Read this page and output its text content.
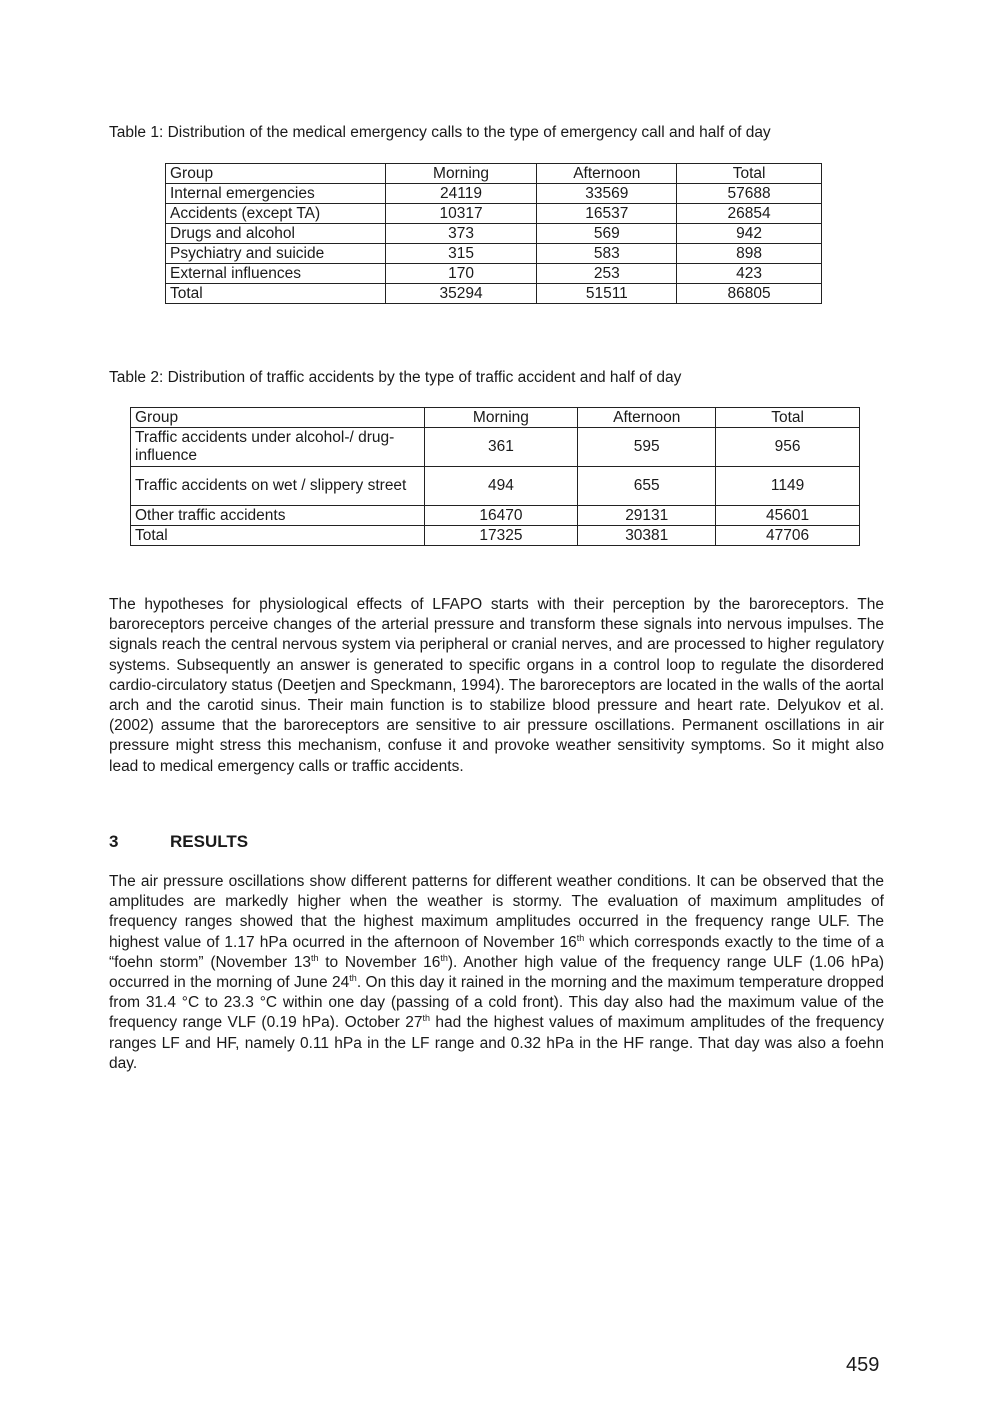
Table 1: Distribution of the medical emergency calls to the type of emergency call and half of day
Group	Morning	Afternoon	Total
Internal emergencies	24119	33569	57688
Accidents (except TA)	10317	16537	26854
Drugs and alcohol	373	569	942
Psychiatry and suicide	315	583	898
External influences	170	253	423
Total	35294	51511	86805
Table 2: Distribution of traffic accidents by the type of traffic accident and half of day
Group	Morning	Afternoon	Total
Traffic accidents under alcohol-/ drug-influence	361	595	956
Traffic accidents on wet / slippery street	494	655	1149
Other traffic accidents	16470	29131	45601
Total	17325	30381	47706

The hypotheses for physiological effects of LFAPO starts with their perception by the baroreceptors. The baroreceptors perceive changes of the arterial pressure and transform these signals into nervous impulses. The signals reach the central nervous system via peripheral or cranial nerves, and are processed to higher regulatory systems. Subsequently an answer is generated to specific organs in a control loop to regulate the disordered cardio-circulatory status (Deetjen and Speckmann, 1994). The baroreceptors are located in the walls of the aortal arch and the carotid sinus. Their main function is to stabilize blood pressure and heart rate. Delyukov et al. (2002) assume that the baroreceptors are sensitive to air pressure oscillations. Permanent oscillations in air pressure might stress this mechanism, confuse it and provoke weather sensitivity symptoms. So it might also lead to medical emergency calls or traffic accidents.

3	RESULTS

The air pressure oscillations show different patterns for different weather conditions. It can be observed that the amplitudes are markedly higher when the weather is stormy. The evaluation of maximum amplitudes of frequency ranges showed that the highest maximum amplitudes occurred in the frequency range ULF. The highest value of 1.17 hPa ocurred in the afternoon of November 16th which corresponds exactly to the time of a “foehn storm” (November 13th to November 16th). Another high value of the frequency range ULF (1.06 hPa) occurred in the morning of June 24th. On this day it rained in the morning and the maximum temperature dropped from 31.4 °C to 23.3 °C within one day (passing of a cold front). This day also had the maximum value of the frequency range VLF (0.19 hPa). October 27th had the highest values of maximum amplitudes of the frequency ranges LF and HF, namely 0.11 hPa in the LF range and 0.32 hPa in the HF range. That day was also a foehn day.

459
